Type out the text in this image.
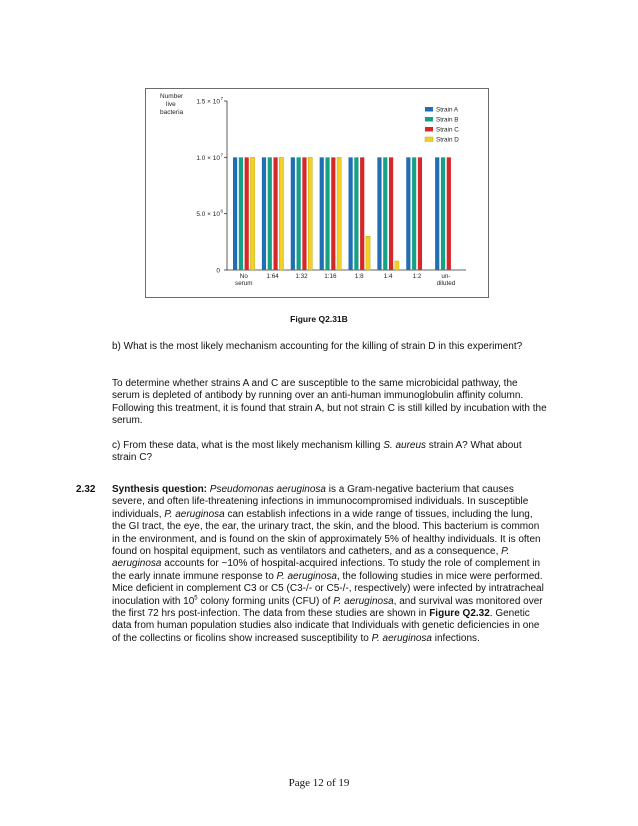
0
5.0 × 10 6
1.0 × 10 7
1.5 × 10 7
Number
live
bacteria
No
serum
1:64	1:32	1:16	1:8	1:4	1:2	un-
diluted
Strain A
Strain B
Strain C
Strain D
Figure Q2.31B

b) What is the most likely mechanism accounting for the killing of strain D in this experiment?

To determine whether strains A and C are susceptible to the same microbicidal pathway, the serum is depleted of antibody by running over an anti-human immunoglobulin affinity column. Following this treatment, it is found that strain A, but not strain C is still killed by incubation with the serum.

c) From these data, what is the most likely mechanism killing S. aureus strain A? What about strain C?

2.32 Synthesis question: Pseudomonas aeruginosa is a Gram-negative bacterium that causes severe, and often life-threatening infections in immunocompromised individuals. In susceptible individuals, P. aeruginosa can establish infections in a wide range of tissues, including the lung, the GI tract, the eye, the ear, the urinary tract, the skin, and the blood. This bacterium is common in the environment, and is found on the skin of approximately 5% of healthy individuals. It is often found on hospital equipment, such as ventilators and catheters, and as a consequence, P. aeruginosa accounts for ~10% of hospital-acquired infections. To study the role of complement in the early innate immune response to P. aeruginosa, the following studies in mice were performed. Mice deficient in complement C3 or C5 (C3-/- or C5-/-, respectively) were infected by intratracheal inoculation with $10^5$ colony forming units (CFU) of P. aeruginosa, and survival was monitored over the first 72 hrs post-infection. The data from these studies are shown in Figure Q2.32. Genetic data from human population studies also indicate that Individuals with genetic deficiencies in one of the collectins or ficolins show increased susceptibility to P. aeruginosa infections.

Page 12 of 19
